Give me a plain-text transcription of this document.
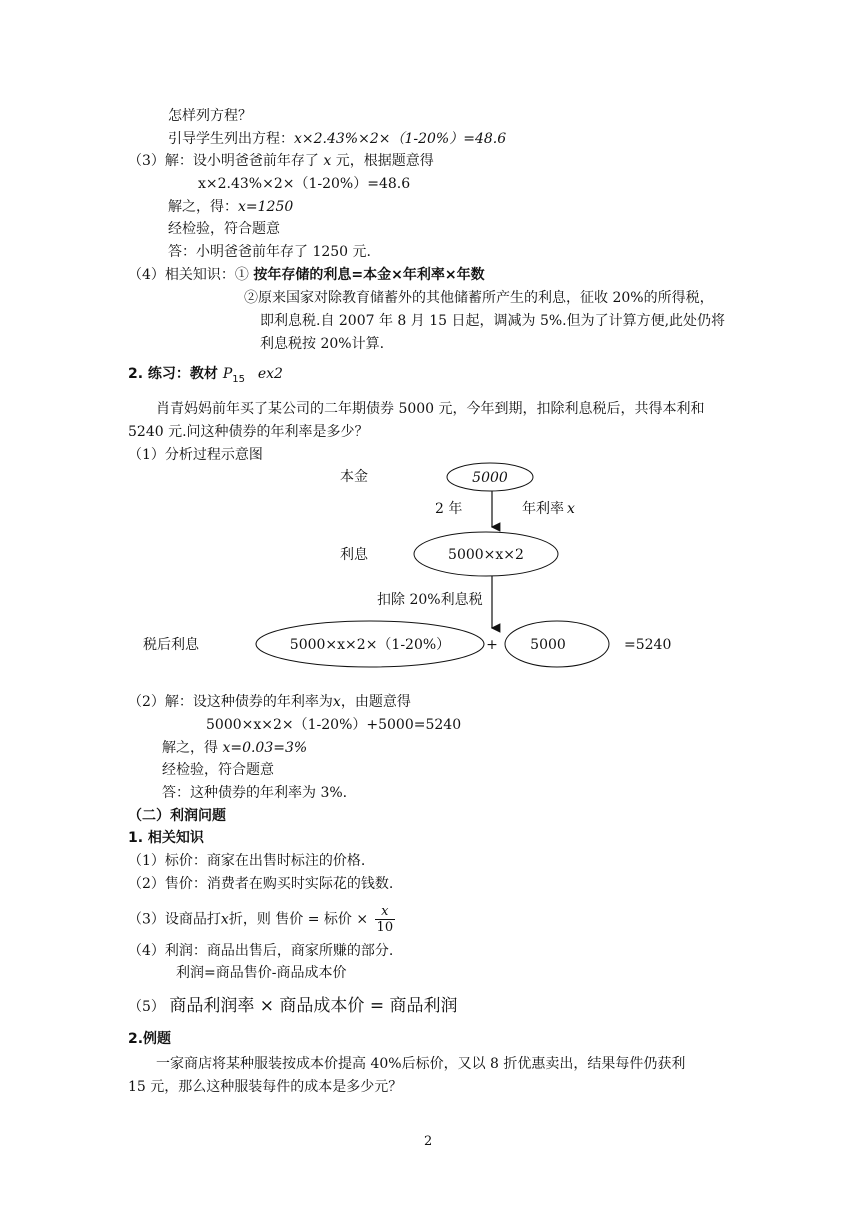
怎样列方程？
引导学生列出方程：x×2.43%×2×（1-20%）=48.6
（3）解：设小明爸爸前年存了 x 元，根据题意得
x×2.43%×2×（1-20%）=48.6
解之，得：x=1250
经检验，符合题意
答：小明爸爸前年存了 1250 元.
（4）相关知识：① 按年存储的利息=本金×年利率×年数
②原来国家对除教育储蓄外的其他储蓄所产生的利息，征收 20%的所得税，
即利息税.自 2007 年 8 月 15 日起，调减为 5%.但为了计算方便,此处仍将
利息税按 20%计算.
2. 练习：教材 $P_{15}$ ex2
肖青妈妈前年买了某公司的二年期债券 5000 元，今年到期，扣除利息税后，共得本利和
5240 元.问这种债券的年利率是多少？
（1）分析过程示意图
本金	5000
2 年	年利率 x
利息	5000×x×2
扣除 20%利息税
税后利息	5000×x×2×（1-20%）	+ 5000	=5240
（2）解：设这种债券的年利率为x，由题意得
5000×x×2×（1-20%）+5000=5240
解之，得 x=0.03=3%
经检验，符合题意
答：这种债券的年利率为 3%.
（二）利润问题
1. 相关知识
（1）标价：商家在出售时标注的价格.
（2）售价：消费者在购买时实际花的钱数.
（3）设商品打x折，则 售价 = 标价 × $\frac{x}{10}$
（4）利润：商品出售后，商家所赚的部分.
利润=商品售价-商品成本价
（5） 商品利润率 × 商品成本价 = 商品利润
2.例题
一家商店将某种服装按成本价提高 40%后标价，又以 8 折优惠卖出，结果每件仍获利
15 元，那么这种服装每件的成本是多少元？
2
